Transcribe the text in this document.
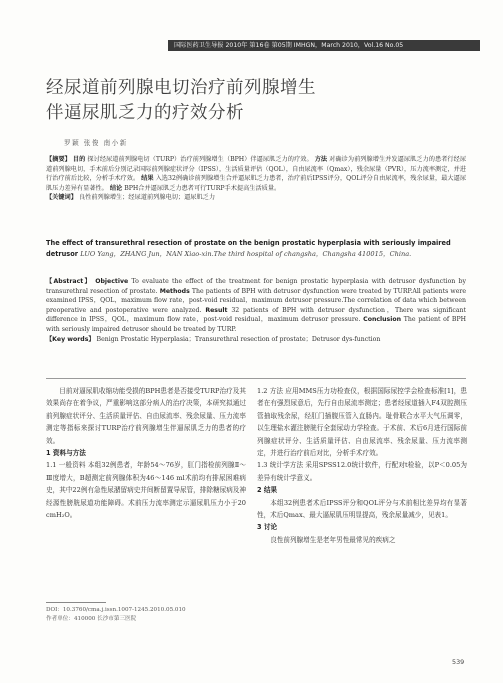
国际医药卫生导报 2010年 第16卷 第05期 IMHGN，March 2010，Vol.16 No.05
经尿道前列腺电切治疗前列腺增生
伴逼尿肌乏力的疗效分析
罗颖 张俊 南小新

【摘要】 目的 探讨经尿道前列腺电切（TURP）治疗前列腺增生（BPH）伴逼尿肌乏力的疗效。 方法 对确诊为前列腺增生并发逼尿肌乏力的患者行经尿道前列腺电切，手术前后分别记录国际前列腺症状评分（IPSS），生活质量评估（QOL），自由尿流率（Qmax），残余尿量（PVR），压力流率测定，并进行治疗前后比较，分析手术疗效。 结果 入选32例确诊前列腺增生合并逼尿肌乏力患者，治疗前后IPSS评分，QOL评分自由尿流率，残余尿量，最大逼尿肌压力差异有显著性。 结论 BPH合并逼尿肌乏力患者可行TURP手术提高生活质量。

【关键词】 良性前列腺增生；经尿道前列腺电切；逼尿肌乏力

The effect of transurethral resection of prostate on the benign prostatic hyperplasia with seriously impaired detrusor LUO Yang，ZHANG Jun，NAN Xiao-xin.The third hospital of changsha，Changsha 410015，China.

【Abstract】 Objective To evaluate the effect of the treatment for benign prostatic hyperplasia with detrusor dysfunction by transurethral resection of prostate. Methods The patients of BPH with detrusor dysfunction were treated by TURP.All patients were examined IPSS，QOL，maximum flow rate，post-void residual，maximum detrusor pressure.The correlation of data which between preoperative and postoperative were analyzed. Result 32 patients of BPH with detrusor dysfunction，There was significant difference in IPSS，QOL，maximum flow rate，post-void residual，maximum detrusor pressure. Conclusion The patient of BPH with seriously impaired detrusor should be treated by TURP.

【Key words】 Benign Prostatic Hyperplasia；Transurethral resection of prostate；Detrusor dys-function

目前对逼尿肌收缩功能受损的BPH患者是否接受TURP治疗及其效果尚存在着争议，严重影响这部分病人的治疗决策，本研究拟通过前列腺症状评分、生活质量评估、自由尿流率、残余尿量、压力流率测定等指标来探讨TURP治疗前列腺增生伴逼尿肌乏力的患者的疗效。

1 资料与方法

1.1 一般资料 本组32例患者，年龄54～76岁，肛门指检前列腺Ⅱ～Ⅲ度增大，B超测定前列腺体积为46～146 ml术前均有排尿困难病史，其中22例有急性尿潴留病史并间断留置导尿管，排除糖尿病及神经源性膀胱尿道功能障碍。术前压力流率测定示逼尿肌压力小于20 cmH₂O。

1.2 方法 应用MMS压力功检查仪，根据国际尿控学会检查标准[1]，患者在有强烈尿意后，先行自由尿流率测定；患者经尿道插入F4双腔测压管抽取残余尿，经肛门插腹压管入直肠内。耻骨联合水平大气压调零，以生理盐水灌注膀胱行全套尿动力学检查。于术前、术后6月进行国际前列腺症状评分、生活质量评估、自由尿流率、残余尿量、压力流率测定，并进行治疗前后对比，分析手术疗效。

1.3 统计学方法 采用SPSS12.0统计软件，行配对t检验，以P＜0.05为差异有统计学意义。

2 结果

本组32例患者术后IPSS评分和QOL评分与术前相比差异均有显著性，术后Qmax、最大逼尿肌压明显提高，残余尿量减少，见表1。

3 讨论

良性前列腺增生是老年男性最常见的疾病之

DOI：10.3760/cma.j.issn.1007-1245.2010.05.010
作者单位：410000 长沙市第三医院
539
